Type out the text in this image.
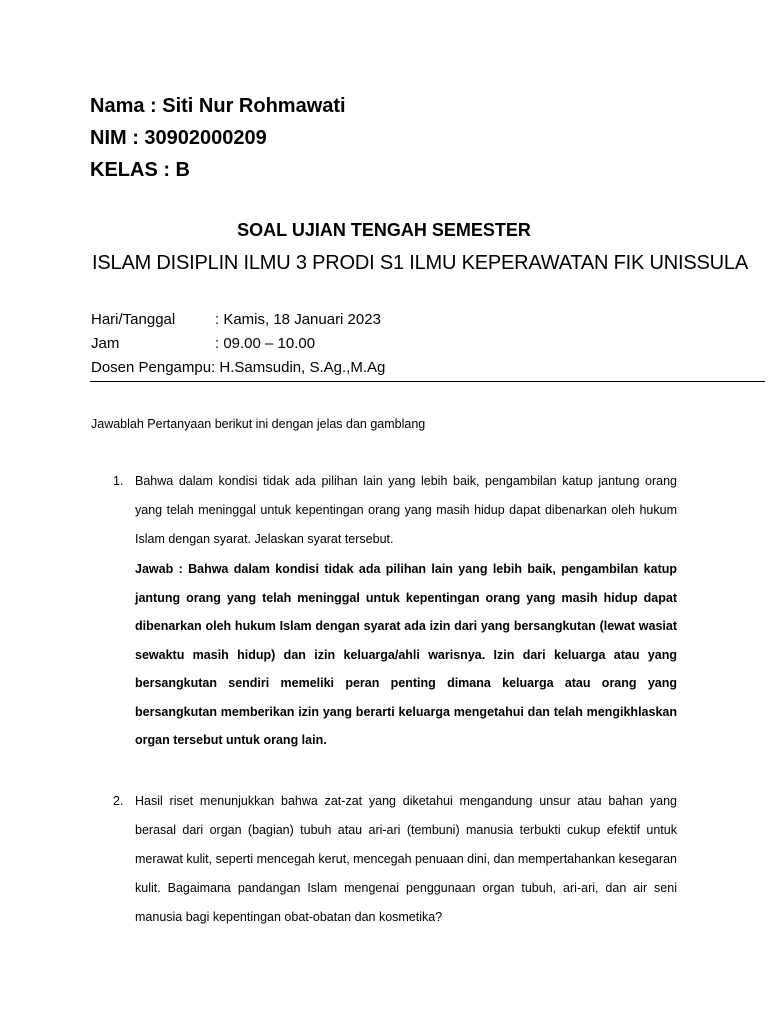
Nama : Siti Nur Rohmawati
NIM : 30902000209
KELAS : B
SOAL UJIAN TENGAH SEMESTER
ISLAM DISIPLIN ILMU 3 PRODI S1 ILMU KEPERAWATAN FIK UNISSULA
Hari/Tanggal	: Kamis, 18 Januari 2023
Jam	: 09.00 – 10.00
Dosen Pengampu : H.Samsudin, S.Ag.,M.Ag
Jawablah Pertanyaan berikut ini dengan jelas dan gamblang
1. Bahwa dalam kondisi tidak ada pilihan lain yang lebih baik, pengambilan katup jantung orang yang telah meninggal untuk kepentingan orang yang masih hidup dapat dibenarkan oleh hukum Islam dengan syarat. Jelaskan syarat tersebut.
Jawab : Bahwa dalam kondisi tidak ada pilihan lain yang lebih baik, pengambilan katup jantung orang yang telah meninggal untuk kepentingan orang yang masih hidup dapat dibenarkan oleh hukum Islam dengan syarat ada izin dari yang bersangkutan (lewat wasiat sewaktu masih hidup) dan izin keluarga/ahli warisnya. Izin dari keluarga atau yang bersangkutan sendiri memeliki peran penting dimana keluarga atau orang yang bersangkutan memberikan izin yang berarti keluarga mengetahui dan telah mengikhlaskan organ tersebut untuk orang lain.
2. Hasil riset menunjukkan bahwa zat-zat yang diketahui mengandung unsur atau bahan yang berasal dari organ (bagian) tubuh atau ari-ari (tembuni) manusia terbukti cukup efektif untuk merawat kulit, seperti mencegah kerut, mencegah penuaan dini, dan mempertahankan kesegaran kulit. Bagaimana pandangan Islam mengenai penggunaan organ tubuh, ari-ari, dan air seni manusia bagi kepentingan obat-obatan dan kosmetika?
